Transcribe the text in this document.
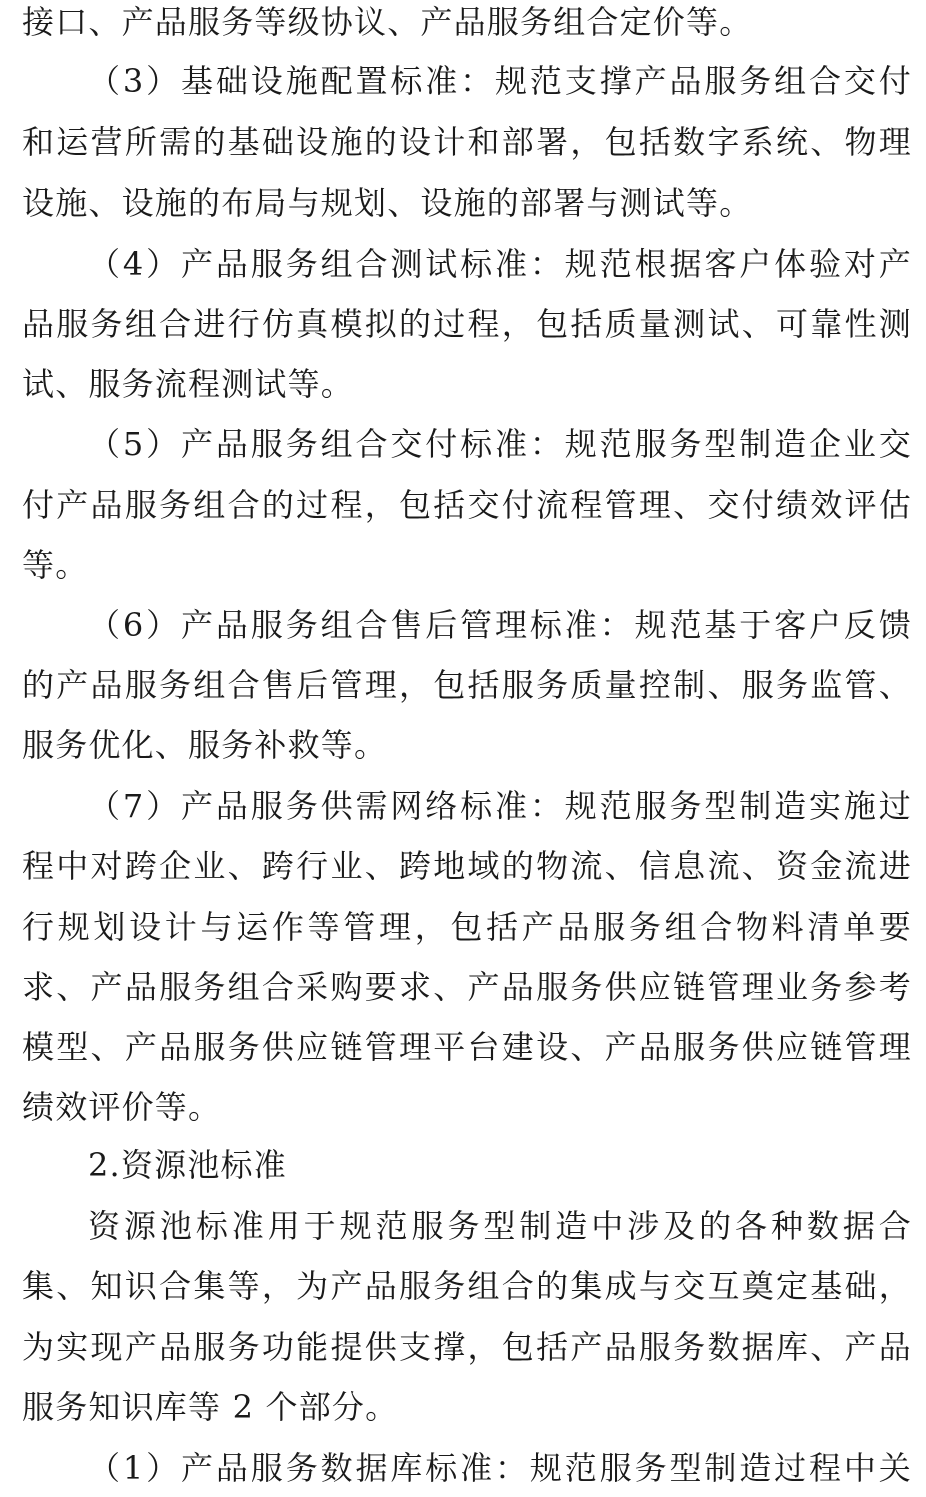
接口、产品服务等级协议、产品服务组合定价等。
（3）基础设施配置标准：规范支撑产品服务组合交付
和运营所需的基础设施的设计和部署，包括数字系统、物理
设施、设施的布局与规划、设施的部署与测试等。
（4）产品服务组合测试标准：规范根据客户体验对产
品服务组合进行仿真模拟的过程，包括质量测试、可靠性测
试、服务流程测试等。
（5）产品服务组合交付标准：规范服务型制造企业交
付产品服务组合的过程，包括交付流程管理、交付绩效评估
等。
（6）产品服务组合售后管理标准：规范基于客户反馈
的产品服务组合售后管理，包括服务质量控制、服务监管、
服务优化、服务补救等。
（7）产品服务供需网络标准：规范服务型制造实施过
程中对跨企业、跨行业、跨地域的物流、信息流、资金流进
行规划设计与运作等管理，包括产品服务组合物料清单要
求、产品服务组合采购要求、产品服务供应链管理业务参考
模型、产品服务供应链管理平台建设、产品服务供应链管理
绩效评价等。
2.资源池标准
资源池标准用于规范服务型制造中涉及的各种数据合
集、知识合集等，为产品服务组合的集成与交互奠定基础，
为实现产品服务功能提供支撑，包括产品服务数据库、产品
服务知识库等 2 个部分。
（1）产品服务数据库标准：规范服务型制造过程中关
